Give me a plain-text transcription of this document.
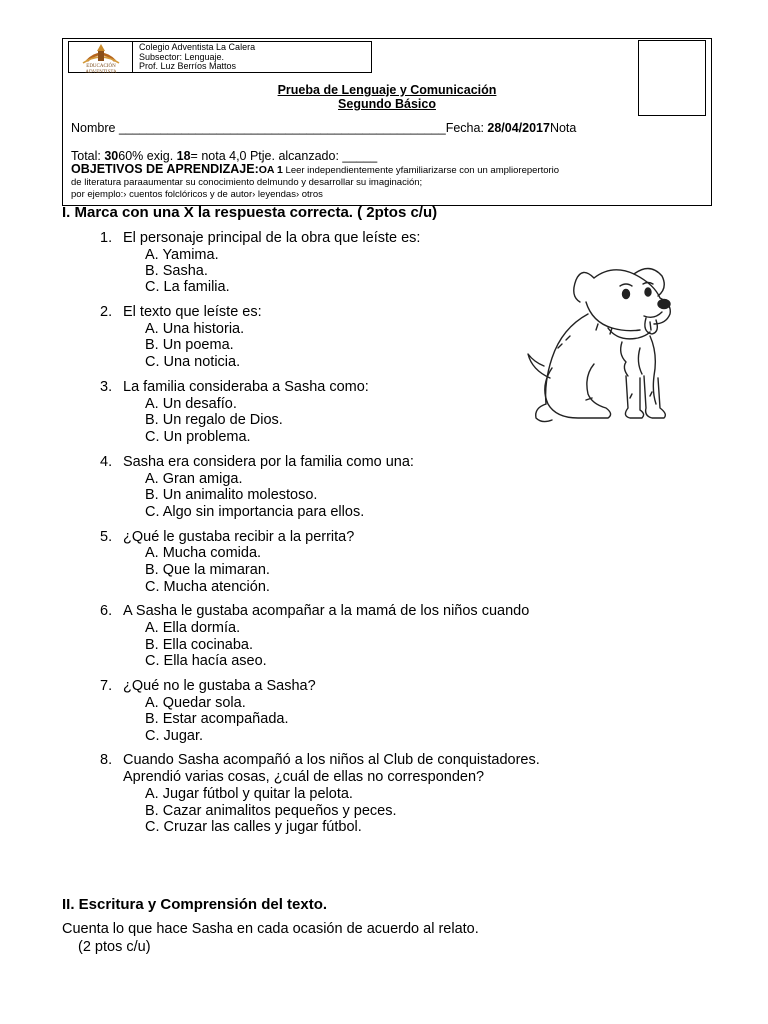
EDUCACIÓN
ADVENTISTA
Colegio Adventista La Calera
Subsector: Lenguaje.
Prof. Luz Berríos Mattos
Prueba de Lenguaje y Comunicación
Segundo Básico
Nombre _______________________________________________Fecha: 28/04/2017Nota
Total: 3060% exig. 18= nota 4,0 Ptje. alcanzado: _____
OBJETIVOS DE APRENDIZAJE:OA 1 Leer independientemente yfamiliarizarse con un ampliorepertorio
de literatura paraaumentar su conocimiento delmundo y desarrollar su imaginación;
por ejemplo:› cuentos folclóricos y de autor› leyendas› otros
I. Marca con una X la respuesta correcta. ( 2ptos c/u)
1. El personaje principal de la obra que leíste es:
A. Yamima.
B. Sasha.
C. La familia.
2. El texto que leíste es:
A. Una historia.
B. Un poema.
C. Una noticia.
3. La familia consideraba a Sasha como:
A. Un desafío.
B. Un regalo de Dios.
C. Un problema.
4. Sasha era considera por la familia como una:
A. Gran amiga.
B. Un animalito molestoso.
C. Algo sin importancia para ellos.
5. ¿Qué le gustaba recibir a la perrita?
A. Mucha comida.
B. Que la mimaran.
C. Mucha atención.
6. A Sasha le gustaba acompañar a la mamá de los niños cuando
A. Ella dormía.
B. Ella cocinaba.
C. Ella hacía aseo.
7. ¿Qué no le gustaba a Sasha?
A. Quedar sola.
B. Estar acompañada.
C. Jugar.
8. Cuando Sasha acompañó a los niños al Club de conquistadores.
Aprendió varias cosas, ¿cuál de ellas no corresponden?
A. Jugar fútbol y quitar la pelota.
B. Cazar animalitos pequeños y peces.
C. Cruzar las calles y jugar fútbol.
II. Escritura y Comprensión del texto.
Cuenta lo que hace Sasha en cada ocasión de acuerdo al relato.
(2 ptos c/u)
